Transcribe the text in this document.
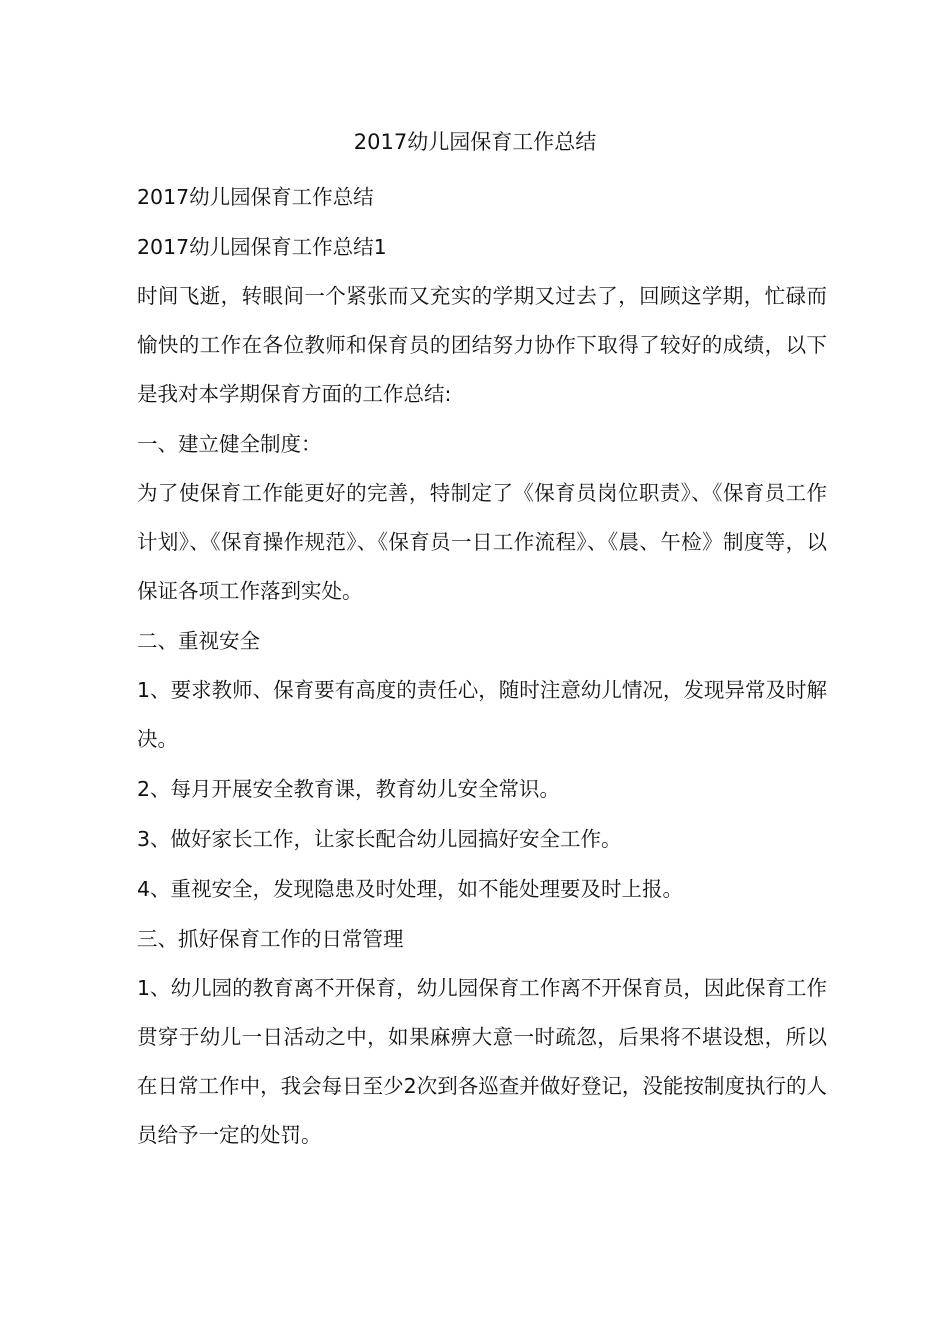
2017幼儿园保育工作总结

2017幼儿园保育工作总结

2017幼儿园保育工作总结1

时间飞逝，转眼间一个紧张而又充实的学期又过去了，回顾这学期，忙碌而愉快的工作在各位教师和保育员的团结努力协作下取得了较好的成绩，以下是我对本学期保育方面的工作总结:

一、建立健全制度：

为了使保育工作能更好的完善，特制定了《保育员岗位职责》、《保育员工作计划》、《保育操作规范》、《保育员一日工作流程》、《晨、午检》制度等，以保证各项工作落到实处。

二、重视安全

1、要求教师、保育要有高度的责任心，随时注意幼儿情况，发现异常及时解决。

2、每月开展安全教育课，教育幼儿安全常识。

3、做好家长工作，让家长配合幼儿园搞好安全工作。

4、重视安全，发现隐患及时处理，如不能处理要及时上报。

三、抓好保育工作的日常管理

1、幼儿园的教育离不开保育，幼儿园保育工作离不开保育员，因此保育工作贯穿于幼儿一日活动之中，如果麻痹大意一时疏忽，后果将不堪设想，所以在日常工作中，我会每日至少2次到各巡查并做好登记，没能按制度执行的人员给予一定的处罚。
